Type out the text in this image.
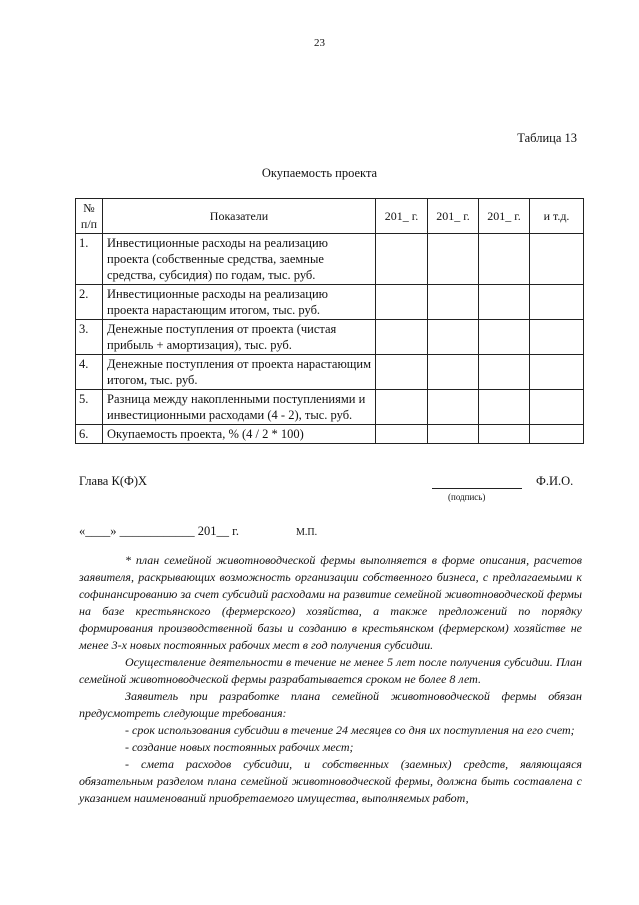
23
Таблица 13
Окупаемость проекта
№ п/п	Показатели	201_ г.	201_ г.	201_ г.	и т.д.
1.	Инвестиционные расходы на реализацию проекта (собственные средства, заемные средства, субсидия) по годам, тыс. руб.				
2.	Инвестиционные расходы на реализацию проекта нарастающим итогом, тыс. руб.				
3.	Денежные поступления от проекта (чистая прибыль + амортизация), тыс. руб.				
4.	Денежные поступления от проекта нарастающим итогом, тыс. руб.				
5.	Разница между накопленными поступлениями и инвестиционными расходами (4 - 2), тыс. руб.				
6.	Окупаемость проекта, % (4 / 2 * 100)				
Глава К(Ф)Х
(подпись)
Ф.И.О.
«____» ____________ 201__ г.	М.П.

* план семейной животноводческой фермы выполняется в форме описания, расчетов заявителя, раскрывающих возможность организации собственного бизнеса, с предлагаемыми к софинансированию за счет субсидий расходами на развитие семейной животноводческой фермы на базе крестьянского (фермерского) хозяйства, а также предложений по порядку формирования производственной базы и созданию в крестьянском (фермерском) хозяйстве не менее 3-х новых постоянных рабочих мест в год получения субсидии.

Осуществление деятельности в течение не менее 5 лет после получения субсидии. План семейной животноводческой фермы разрабатывается сроком не более 8 лет.

Заявитель при разработке плана семейной животноводческой фермы обязан предусмотреть следующие требования:

- срок использования субсидии в течение 24 месяцев со дня их поступления на его счет;

- создание новых постоянных рабочих мест;

- смета расходов субсидии, и собственных (заемных) средств, являющаяся обязательным разделом плана семейной животноводческой фермы, должна быть составлена с указанием наименований приобретаемого имущества, выполняемых работ,
